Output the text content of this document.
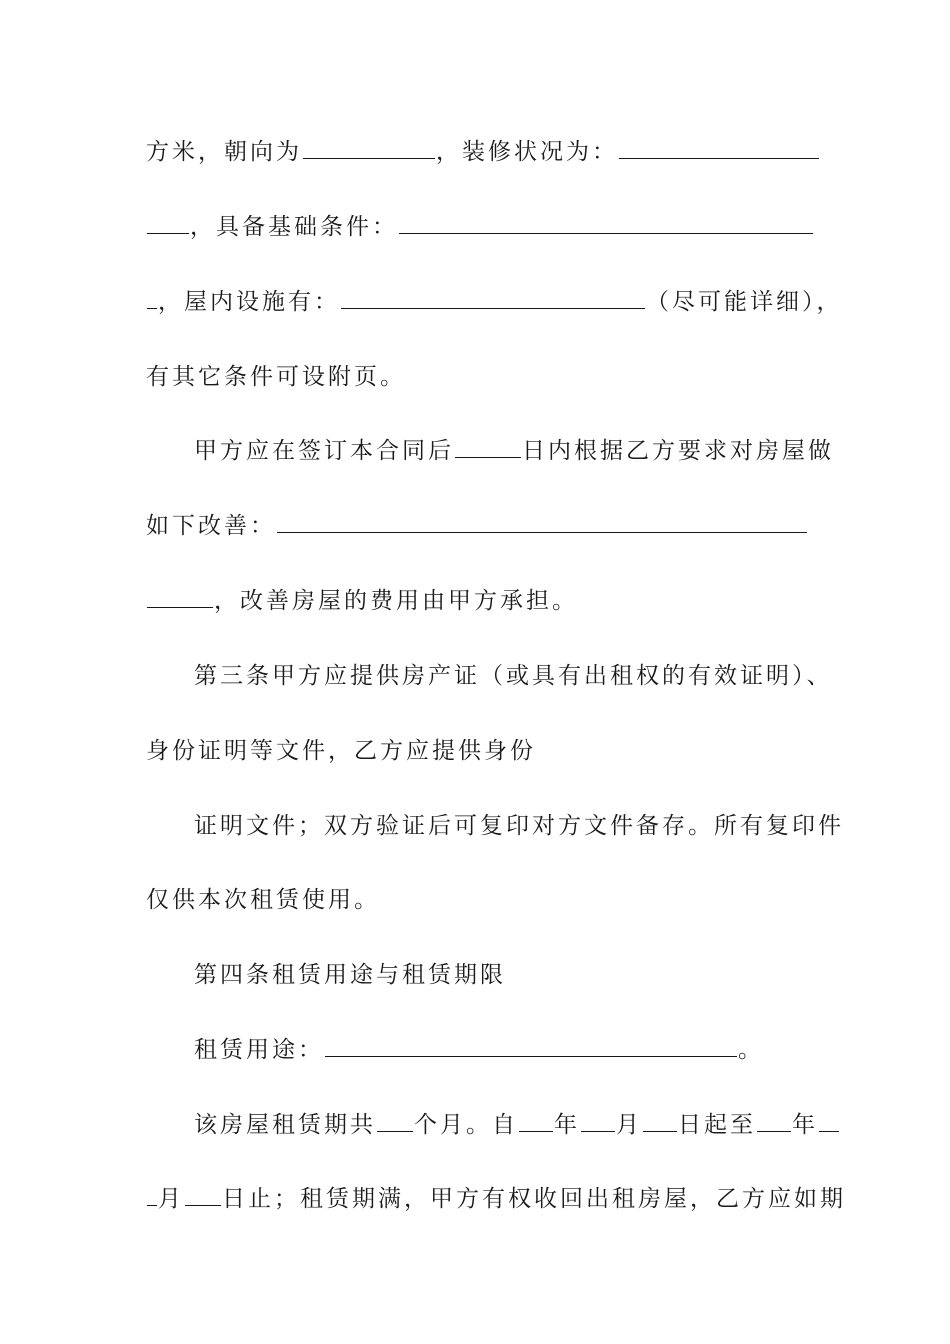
方米，朝向为	，装修状况为：
，具备基础条件：
，屋内设施有：	（尽可能详细），
有其它条件可设附页。
甲方应在签订本合同后	日内根据乙方要求对房屋做
如下改善：
，改善房屋的费用由甲方承担。
第三条甲方应提供房产证（或具有出租权的有效证明）、
身份证明等文件，乙方应提供身份
证明文件；双方验证后可复印对方文件备存。所有复印件
仅供本次租赁使用。
第四条租赁用途与租赁期限
租赁用途：	。
该房屋租赁期共 个月。自 年 月 日起至 年
月 日止；租赁期满，甲方有权收回出租房屋，乙方应如期
